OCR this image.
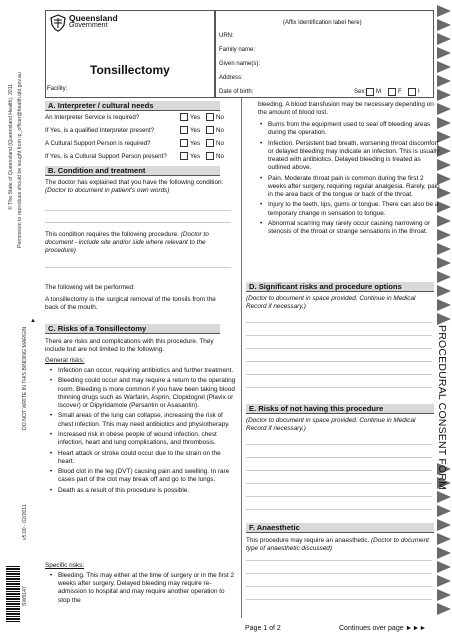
© The State of Queensland (Queensland Health), 2011 Permission to reproduce should be sought from ip_officer@health.qld.gov.au
DO NOT WRITE IN THIS BINDING MARGIN
▲
v5.00 - 02/2011
SW9147
PROCEDURAL CONSENT FORM
Queensland
Government
Tonsillectomy
Facility:
(Affix identification label here)
URN:
Family name:
Given name(s):
Address:
Date of birth:	Sex: M	F	I
A. Interpreter / cultural needs
An Interpreter Service is required?	Yes	No
If Yes, is a qualified Interpreter present?	Yes	No
A Cultural Support Person is required?	Yes	No
If Yes, is a Cultural Support Person present?	Yes	No
B. Condition and treatment
The doctor has explained that you have the following condition: (Doctor to document in patient's own words)
This condition requires the following procedure. (Doctor to document - include site and/or side where relevant to the procedure)
The following will be performed:
A tonsillectomy is the surgical removal of the tonsils from the back of the mouth.
C. Risks of a Tonsillectomy
There are risks and complications with this procedure. They include but are not limited to the following.
General risks:
• Infection can occur, requiring antibiotics and further treatment.
• Bleeding could occur and may require a return to the operating room. Bleeding is more common if you have been taking blood thinning drugs such as Warfarin, Asprin, Clopidogrel (Plavix or Iscover) or Dipyridamole (Persantin or Asasantin).
• Small areas of the lung can collapse, increasing the risk of chest infection. This may need antibiotics and physiotherapy.
• Increased risk in obese people of wound infection, chest infection, heart and lung complications, and thrombosis.
• Heart attack or stroke could occur due to the strain on the heart.
• Blood clot in the leg (DVT) causing pain and swelling. In rare cases part of the clot may break off and go to the lungs.
• Death as a result of this procedure is possible.
Specific risks:
• Bleeding. This may either at the time of surgery or in the first 2 weeks after surgery. Delayed bleeding may require re-admission to hospital and may require another operation to stop the
bleeding. A blood transfusion may be necessary depending on the amount of blood lost.
• Burns from the equipment used to seal off bleeding areas during the operation.
• Infection. Persistent bad breath, worsening throat discomfort or delayed bleeding may indicate an infection. This is usually treated with antibiotics. Delayed bleeding is treated as outlined above.
• Pain. Moderate throat pain is common during the first 2 weeks after surgery, requiring regular analgesia. Rarely, pain in the area back of the tongue or back of the throat.
• Injury to the teeth, lips, gums or tongue. There can also be a temporary change in sensation to tongue.
• Abnormal scarring may rarely occur causing narrowing or stenosis of the throat or strange sensations in the throat.
D. Significant risks and procedure options
(Doctor to document in space provided. Continue in Medical Record if necessary.)
E. Risks of not having this procedure
(Doctor to document in space provided. Continue in Medical Record if necessary.)
F. Anaesthetic
This procedure may require an anaesthetic. (Doctor to document type of anaesthetic discussed)
Page 1 of 2	Continues over page ►►►
